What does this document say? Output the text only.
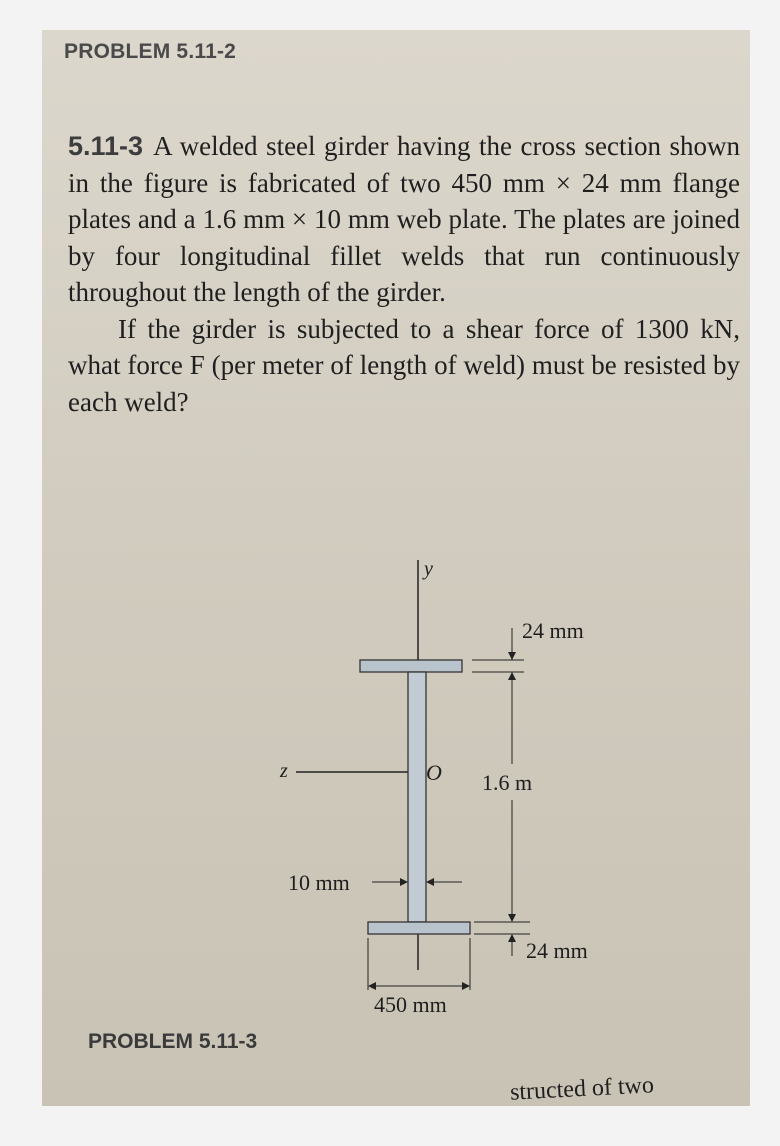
PROBLEM 5.11-2

5.11-3 A welded steel girder having the cross section shown in the figure is fabricated of two 450 mm × 24 mm flange plates and a 1.6 mm × 10 mm web plate. The plates are joined by four longitudinal fillet welds that run continuously throughout the length of the girder.

If the girder is subjected to a shear force of 1300 kN, what force F (per meter of length of weld) must be resisted by each weld?

y
z	O
24 mm
1.6 m
10 mm
24 mm
450 mm
PROBLEM 5.11-3
structed of two
